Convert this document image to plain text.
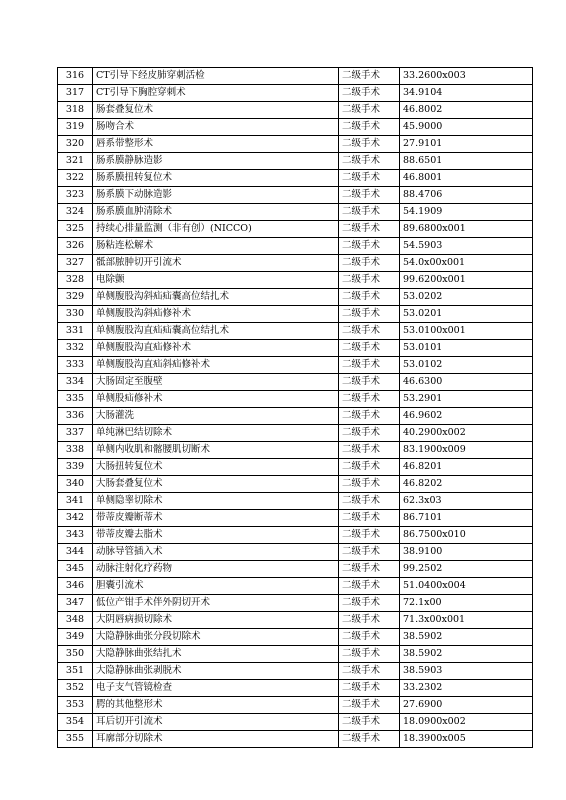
316	CT引导下经皮肺穿刺活检	二级手术	33.2600x003
317	CT引导下胸腔穿刺术	二级手术	34.9104
318	肠套叠复位术	二级手术	46.8002
319	肠吻合术	二级手术	45.9000
320	唇系带整形术	二级手术	27.9101
321	肠系膜静脉造影	二级手术	88.6501
322	肠系膜扭转复位术	二级手术	46.8001
323	肠系膜下动脉造影	二级手术	88.4706
324	肠系膜血肿清除术	二级手术	54.1909
325	持续心排量监测（非有创）(NICCO)	二级手术	89.6800x001
326	肠粘连松解术	二级手术	54.5903
327	骶部脓肿切开引流术	二级手术	54.0x00x001
328	电除颤	二级手术	99.6200x001
329	单侧腹股沟斜疝疝囊高位结扎术	二级手术	53.0202
330	单侧腹股沟斜疝修补术	二级手术	53.0201
331	单侧腹股沟直疝疝囊高位结扎术	二级手术	53.0100x001
332	单侧腹股沟直疝修补术	二级手术	53.0101
333	单侧腹股沟直疝斜疝修补术	二级手术	53.0102
334	大肠固定至腹壁	二级手术	46.6300
335	单侧股疝修补术	二级手术	53.2901
336	大肠灌洗	二级手术	46.9602
337	单纯淋巴结切除术	二级手术	40.2900x002
338	单侧内收肌和髂腰肌切断术	二级手术	83.1900x009
339	大肠扭转复位术	二级手术	46.8201
340	大肠套叠复位术	二级手术	46.8202
341	单侧隐睾切除术	二级手术	62.3x03
342	带蒂皮瓣断蒂术	二级手术	86.7101
343	带蒂皮瓣去脂术	二级手术	86.7500x010
344	动脉导管插入术	二级手术	38.9100
345	动脉注射化疗药物	二级手术	99.2502
346	胆囊引流术	二级手术	51.0400x004
347	低位产钳手术伴外阴切开术	二级手术	72.1x00
348	大阴唇病损切除术	二级手术	71.3x00x001
349	大隐静脉曲张分段切除术	二级手术	38.5902
350	大隐静脉曲张结扎术	二级手术	38.5902
351	大隐静脉曲张剥脱术	二级手术	38.5903
352	电子支气管镜检查	二级手术	33.2302
353	腭的其他整形术	二级手术	27.6900
354	耳后切开引流术	二级手术	18.0900x002
355	耳廓部分切除术	二级手术	18.3900x005
